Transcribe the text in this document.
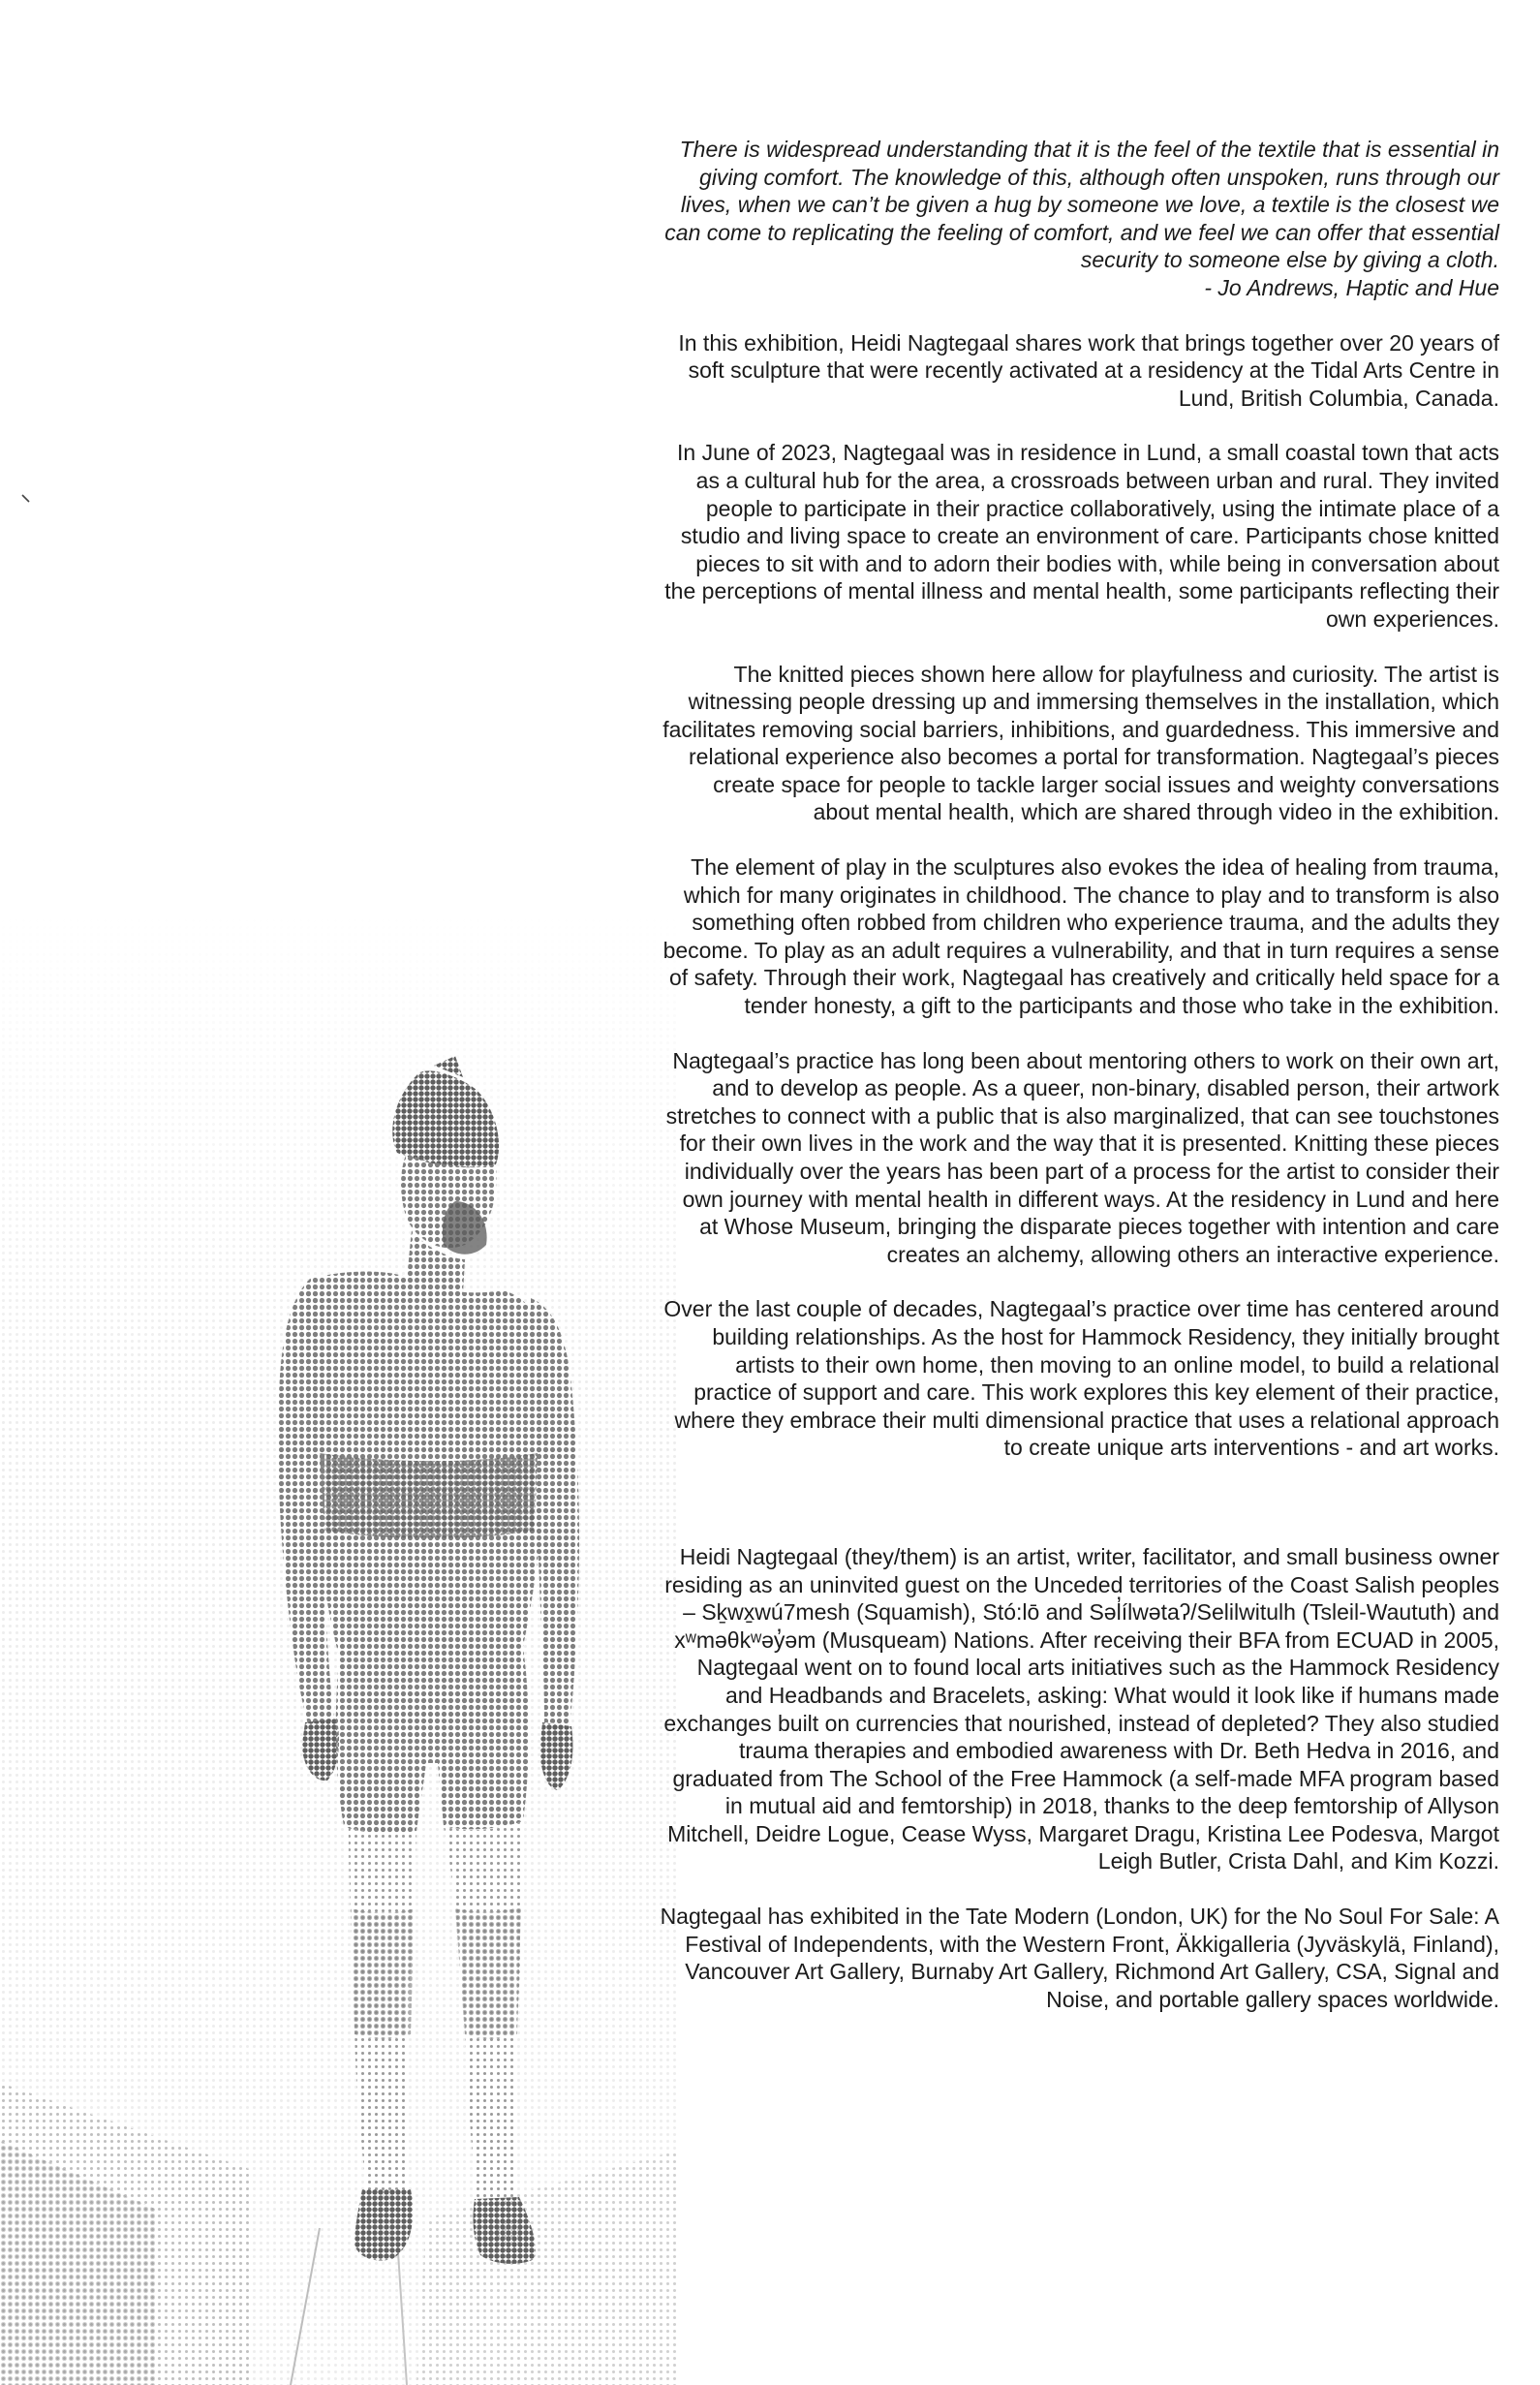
There is widespread understanding that it is the feel of the textile that is essential in giving comfort. The knowledge of this, although often unspoken, runs through our lives, when we can’t be given a hug by someone we love, a textile is the closest we can come to replicating the feeling of comfort, and we feel we can offer that essential security to someone else by giving a cloth.
- Jo Andrews, Haptic and Hue

In this exhibition, Heidi Nagtegaal shares work that brings together over 20 years of soft sculpture that were recently activated at a residency at the Tidal Arts Centre in Lund, British Columbia, Canada.

In June of 2023, Nagtegaal was in residence in Lund, a small coastal town that acts as a cultural hub for the area, a crossroads between urban and rural. They invited people to participate in their practice collaboratively, using the intimate place of a studio and living space to create an environment of care. Participants chose knitted pieces to sit with and to adorn their bodies with, while being in conversation about the perceptions of mental illness and mental health, some participants reflecting their own experiences.

The knitted pieces shown here allow for playfulness and curiosity. The artist is witnessing people dressing up and immersing themselves in the installation, which facilitates removing social barriers, inhibitions, and guardedness. This immersive and relational experience also becomes a portal for transformation. Nagtegaal’s pieces create space for people to tackle larger social issues and weighty conversations about mental health, which are shared through video in the exhibition.

The element of play in the sculptures also evokes the idea of healing from trauma, which for many originates in childhood. The chance to play and to transform is also something often robbed from children who experience trauma, and the adults they become. To play as an adult requires a vulnerability, and that in turn requires a sense of safety. Through their work, Nagtegaal has creatively and critically held space for a tender honesty, a gift to the participants and those who take in the exhibition.

Nagtegaal’s practice has long been about mentoring others to work on their own art, and to develop as people. As a queer, non-binary, disabled person, their artwork stretches to connect with a public that is also marginalized, that can see touchstones for their own lives in the work and the way that it is presented. Knitting these pieces individually over the years has been part of a process for the artist to consider their own journey with mental health in different ways. At the residency in Lund and here at Whose Museum, bringing the disparate pieces together with intention and care creates an alchemy, allowing others an interactive experience.

Over the last couple of decades, Nagtegaal’s practice over time has centered around building relationships. As the host for Hammock Residency, they initially brought artists to their own home, then moving to an online model, to build a relational practice of support and care. This work explores this key element of their practice, where they embrace their multi dimensional practice that uses a relational approach to create unique arts interventions - and art works.

Heidi Nagtegaal (they/them) is an artist, writer, facilitator, and small business owner residing as an uninvited guest on the Unceded territories of the Coast Salish peoples – Sḵwx̱wú7mesh (Squamish), Stó:lō and Səl̓ílwətaʔ/Selilwitulh (Tsleil-Waututh) and xʷməθkʷəy̓əm (Musqueam) Nations. After receiving their BFA from ECUAD in 2005, Nagtegaal went on to found local arts initiatives such as the Hammock Residency and Headbands and Bracelets, asking: What would it look like if humans made exchanges built on currencies that nourished, instead of depleted? They also studied trauma therapies and embodied awareness with Dr. Beth Hedva in 2016, and graduated from The School of the Free Hammock (a self-made MFA program based in mutual aid and femtorship) in 2018, thanks to the deep femtorship of Allyson Mitchell, Deidre Logue, Cease Wyss, Margaret Dragu, Kristina Lee Podesva, Margot Leigh Butler, Crista Dahl, and Kim Kozzi.

Nagtegaal has exhibited in the Tate Modern (London, UK) for the No Soul For Sale: A Festival of Independents, with the Western Front, Äkkigalleria (Jyväskylä, Finland), Vancouver Art Gallery, Burnaby Art Gallery, Richmond Art Gallery, CSA, Signal and Noise, and portable gallery spaces worldwide.
